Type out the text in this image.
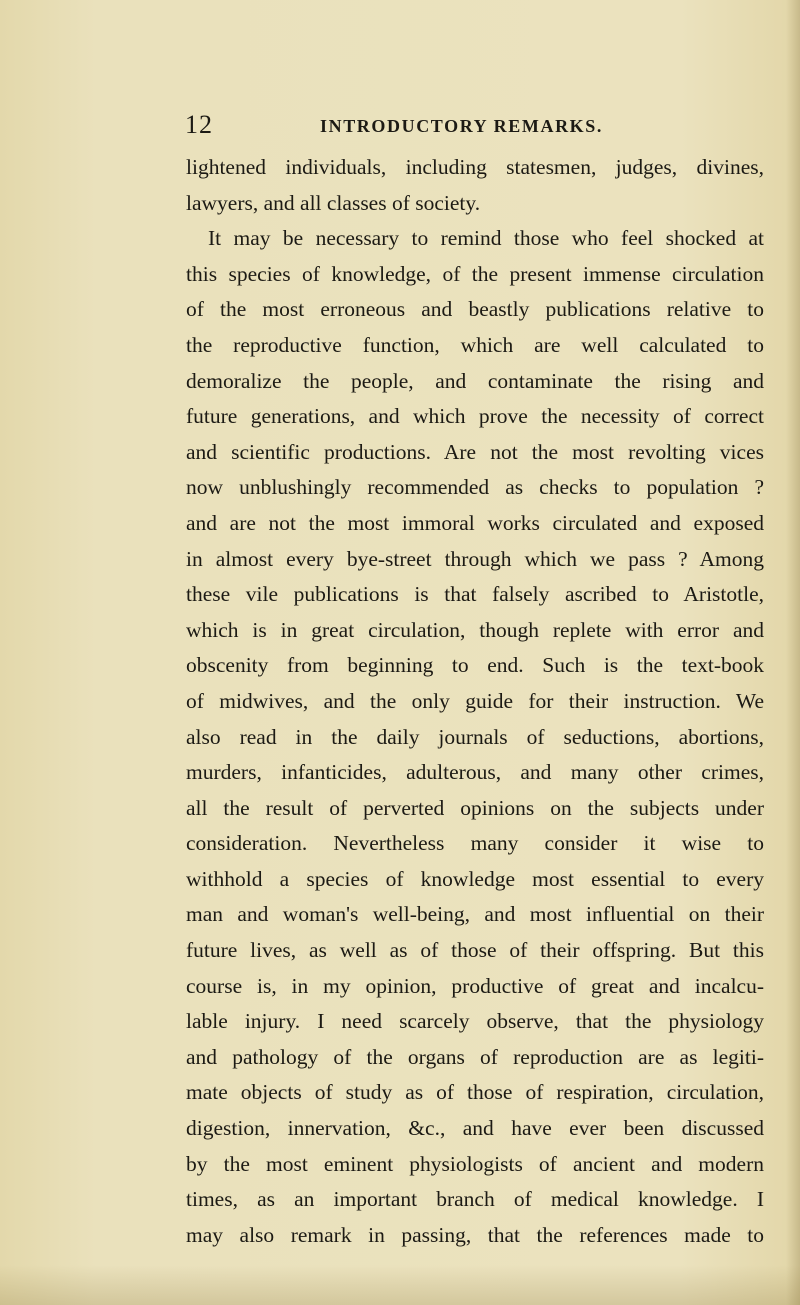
12	INTRODUCTORY REMARKS.
lightened individuals, including statesmen, judges, divines,
lawyers, and all classes of society.
It may be necessary to remind those who feel shocked at
this species of knowledge, of the present immense circulation
of the most erroneous and beastly publications relative to
the reproductive function, which are well calculated to
demoralize the people, and contaminate the rising and
future generations, and which prove the necessity of correct
and scientific productions. Are not the most revolting vices
now unblushingly recommended as checks to population ?
and are not the most immoral works circulated and exposed
in almost every bye-street through which we pass ? Among
these vile publications is that falsely ascribed to Aristotle,
which is in great circulation, though replete with error and
obscenity from beginning to end. Such is the text-book
of midwives, and the only guide for their instruction. We
also read in the daily journals of seductions, abortions,
murders, infanticides, adulterous, and many other crimes,
all the result of perverted opinions on the subjects under
consideration. Nevertheless many consider it wise to
withhold a species of knowledge most essential to every
man and woman's well-being, and most influential on their
future lives, as well as of those of their offspring. But this
course is, in my opinion, productive of great and incalcu-
lable injury. I need scarcely observe, that the physiology
and pathology of the organs of reproduction are as legiti-
mate objects of study as of those of respiration, circulation,
digestion, innervation, &c., and have ever been discussed
by the most eminent physiologists of ancient and modern
times, as an important branch of medical knowledge. I
may also remark in passing, that the references made to
